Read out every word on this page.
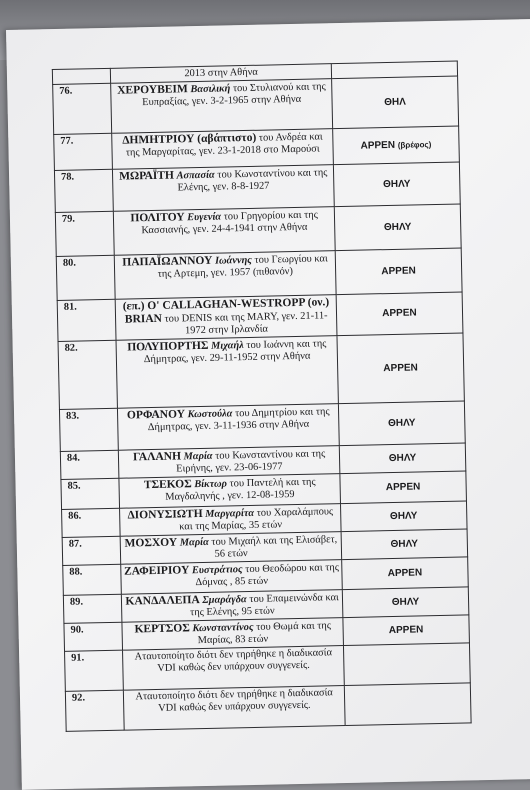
	2013 στην Αθήνα	
76.	ΧΕΡΟΥΒΕΙΜ Βασιλική του Στυλιανού και της Ευπραξίας, γεν. 3-2-1965 στην Αθήνα	ΘΗΛ
77.	ΔΗΜΗΤΡΙΟΥ (αβάπτιστο) του Ανδρέα και της Μαργαρίτας, γεν. 23-1-2018 στο Μαρούσι	ΑΡΡΕΝ (βρέφος)
78.	ΜΩΡΑΪΤΗ Ασπασία του Κωνσταντίνου και της Ελένης, γεν. 8-8-1927	ΘΗΛΥ
79.	ΠΟΛΙΤΟΥ Ευγενία του Γρηγορίου και της Κασσιανής, γεν. 24-4-1941 στην Αθήνα	ΘΗΛΥ
80.	ΠΑΠΑΪΩΑΝΝΟΥ Ιωάννης του Γεωργίου και της Αρτεμη, γεν. 1957 (πιθανόν)	ΑΡΡΕΝ
81.	(επ.) Ο' CALLAGHAN-WESTROPP (ον.) BRIAN του DENIS και της MARY, γεν. 21-11-1972 στην Ιρλανδία	ΑΡΡΕΝ
82.	ΠΟΛΥΠΟΡΤΗΣ Μιχαήλ του Ιωάννη και της Δήμητρας, γεν. 29-11-1952 στην Αθήνα	ΑΡΡΕΝ
83.	ΟΡΦΑΝΟΥ Κωστούλα του Δημητρίου και της Δήμητρας, γεν. 3-11-1936 στην Αθήνα	ΘΗΛΥ
84.	ΓΑΛΑΝΗ Μαρία του Κωνσταντίνου και της Ειρήνης, γεν. 23-06-1977	ΘΗΛΥ
85.	ΤΣΕΚΟΣ Βίκτωρ του Παντελή και της Μαγδαληνής , γεν. 12-08-1959	ΑΡΡΕΝ
86.	ΔΙΟΝΥΣΙΩΤΗ Μαργαρίτα του Χαραλάμπους και της Μαρίας, 35 ετών	ΘΗΛΥ
87.	ΜΟΣΧΟΥ Μαρία του Μιχαήλ και της Ελισάβετ, 56 ετών	ΘΗΛΥ
88.	ΖΑΦΕΙΡΙΟΥ Ευστράτιος του Θεοδώρου και της Δόμνας , 85 ετών	ΑΡΡΕΝ
89.	ΚΑΝΔΑΛΕΠΑ Σμαράγδα του Επαμεινώνδα και της Ελένης, 95 ετών	ΘΗΛΥ
90.	ΚΕΡΤΣΟΣ Κωνσταντίνος του Θωμά και της Μαρίας, 83 ετών	ΑΡΡΕΝ
91.	Αταυτοποίητο διότι δεν τηρήθηκε η διαδικασία VDI καθώς δεν υπάρχουν συγγενείς.	
92.	Αταυτοποίητο διότι δεν τηρήθηκε η διαδικασία VDI καθώς δεν υπάρχουν συγγενείς.	
